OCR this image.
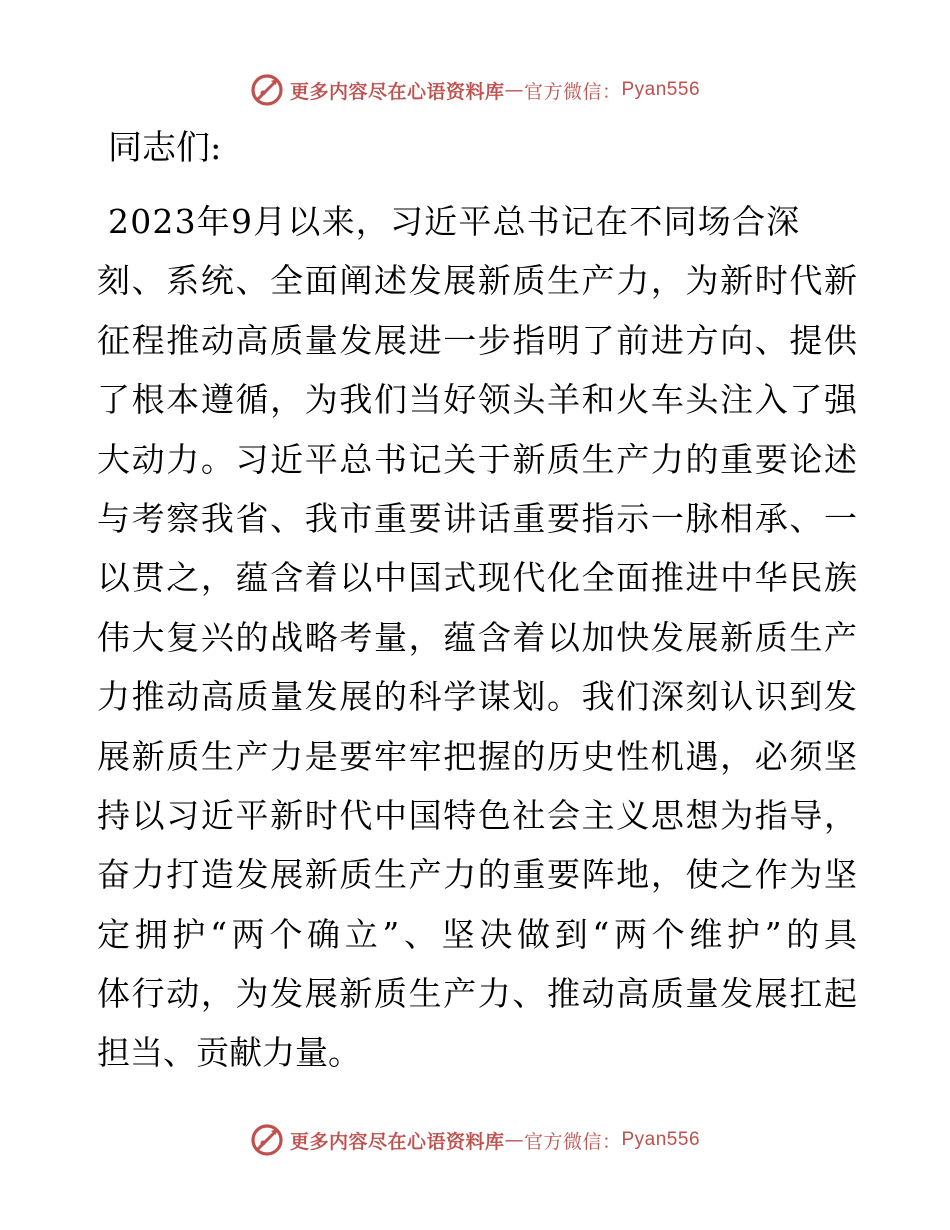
更多内容尽在心语资料库 — 官方微信： Pyan556
同志们:
2023年9月以来，习近平总书记在不同场合深
刻、系统、全面阐述发展新质生产力，为新时代新
征程推动高质量发展进一步指明了前进方向、提供
了根本遵循，为我们当好领头羊和火车头注入了强
大动力。习近平总书记关于新质生产力的重要论述
与考察我省、我市重要讲话重要指示一脉相承、一
以贯之，蕴含着以中国式现代化全面推进中华民族
伟大复兴的战略考量，蕴含着以加快发展新质生产
力推动高质量发展的科学谋划。我们深刻认识到发
展新质生产力是要牢牢把握的历史性机遇，必须坚
持以习近平新时代中国特色社会主义思想为指导，
奋力打造发展新质生产力的重要阵地，使之作为坚
定拥护“两个确立”、坚决做到“两个维护”的具
体行动，为发展新质生产力、推动高质量发展扛起
担当、贡献力量。
更多内容尽在心语资料库 — 官方微信： Pyan556
